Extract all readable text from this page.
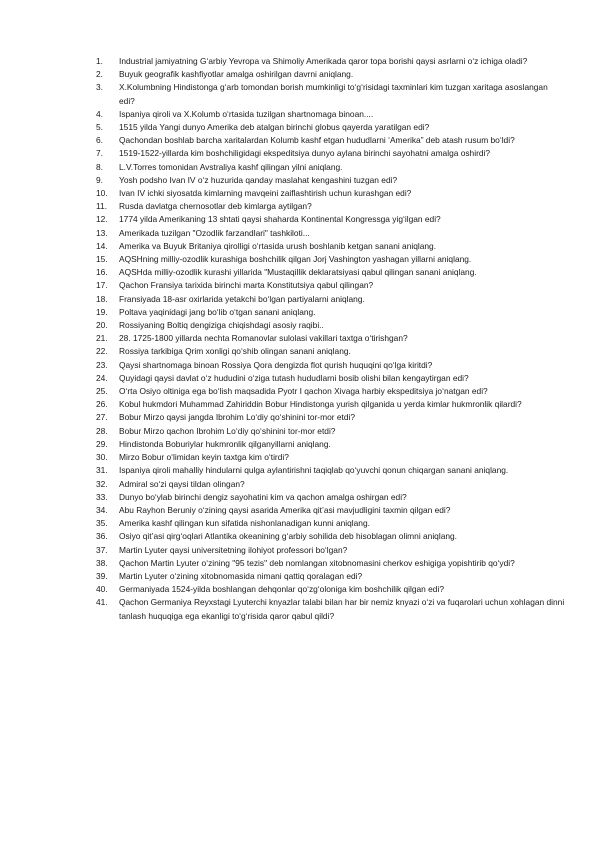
1.	Industrial jamiyatning G‘arbiy Yevropa va Shimoliy Amerikada qaror topa borishi qaysi asrlarni o‘z ichiga oladi?
2.	Buyuk geografik kashfiyotlar amalga oshirilgan davrni aniqlang.
3.	X.Kolumbning Hindistonga g‘arb tomondan borish mumkinligi to‘g‘risidagi taxminlari kim tuzgan xaritaga asoslangan edi?
4.	Ispaniya qiroli va X.Kolumb o‘rtasida tuzilgan shartnomaga binoan....
5.	1515 yilda Yangi dunyo Amerika deb atalgan birinchi globus qayerda yaratilgan edi?
6.	Qachondan boshlab barcha xaritalardan Kolumb kashf etgan hududlarni ‘Amerika” deb atash rusum bo‘ldi?
7.	1519-1522-yillarda kim boshchiligidagi ekspeditsiya dunyo aylana birinchi sayohatni amalga oshirdi?
8.	L.V.Torres tomonidan Avstraliya kashf qilingan yilni aniqlang.
9.	Yosh podsho Ivan IV o‘z huzurida qanday maslahat kengashini tuzgan edi?
10.	Ivan IV ichki siyosatda kimlarning mavqeini zaiflashtirish uchun kurashgan edi?
11.	Rusda davlatga chernosotlar deb kimlarga aytilgan?
12.	1774 yilda Amerikaning 13 shtati qaysi shaharda Kontinental Kongressga yig‘ilgan edi?
13.	Amerikada tuzilgan "Ozodlik farzandlari" tashkiloti...
14.	Amerika va Buyuk Britaniya qirolligi o‘rtasida urush boshlanib ketgan sanani aniqlang.
15.	AQSHning milliy-ozodlik kurashiga boshchilik qilgan Jorj Vashington yashagan yillarni aniqlang.
16.	AQSHda milliy-ozodlik kurashi yillarida "Mustaqillik deklaratsiyasi qabul qilingan sanani aniqlang.
17.	Qachon Fransiya tarixida birinchi marta Konstitutsiya qabul qilingan?
18.	Fransiyada 18-asr oxirlarida yetakchi bo‘lgan partiyalarni aniqlang.
19.	Poltava yaqinidagi jang bo‘lib o‘tgan sanani aniqlang.
20.	Rossiyaning Boltiq dengiziga chiqishdagi asosiy raqibi..
21.	28. 1725-1800 yillarda nechta Romanovlar sulolasi vakillari taxtga o‘tirishgan?
22.	Rossiya tarkibiga Qrim xonligi qo‘shib olingan sanani aniqlang.
23.	Qaysi shartnomaga binoan Rossiya Qora dengizda flot qurish huquqini qo‘lga kiritdi?
24.	Quyidagi qaysi davlat o‘z hududini o‘ziga tutash hududlarni bosib olishi bilan kengaytirgan edi?
25.	O‘rta Osiyo oltiniga ega bo‘lish maqsadida Pyotr I qachon Xivaga harbiy ekspeditsiya jo‘natgan edi?
26.	Kobul hukmdori Muhammad Zahiriddin Bobur Hindistonga yurish qilganida u yerda kimlar hukmronlik qilardi?
27.	Bobur Mirzo qaysi jangda Ibrohim Lo‘diy qo‘shinini tor-mor etdi?
28.	Bobur Mirzo qachon Ibrohim Lo‘diy qo‘shinini tor-mor etdi?
29.	Hindistonda Boburiylar hukmronlik qilganyillarni aniqlang.
30.	Mirzo Bobur o‘limidan keyin taxtga kim o‘tirdi?
31.	Ispaniya qiroli mahalliy hindularni qulga aylantirishni taqiqlab qo‘yuvchi qonun chiqargan sanani aniqlang.
32.	Admiral so‘zi qaysi tildan olingan?
33.	Dunyo bo‘ylab birinchi dengiz sayohatini kim va qachon amalga oshirgan edi?
34.	Abu Rayhon Beruniy o‘zining qaysi asarida Amerika qit’asi mavjudligini taxmin qilgan edi?
35.	Amerika kashf qilingan kun sifatida nishonlanadigan kunni aniqlang.
36.	Osiyo qit’asi qirg‘oqlari Atlantika okeanining g‘arbiy sohilida deb hisoblagan olimni aniqlang.
37.	Martin Lyuter qaysi universitetning ilohiyot professori bo‘lgan?
38.	Qachon Martin Lyuter o‘zining "95 tezis" deb nomlangan xitobnomasini cherkov eshigiga yopishtirib qo‘ydi?
39.	Martin Lyuter o‘zining xitobnomasida nimani qattiq qoralagan edi?
40.	Germaniyada 1524-yilda boshlangan dehqonlar qo‘zg‘oloniga kim boshchilik qilgan edi?
41.	Qachon Germaniya Reyxstagi Lyuterchi knyazlar talabi bilan har bir nemiz knyazi o‘zi va fuqarolari uchun xohlagan dinni tanlash huquqiga ega ekanligi to‘g‘risida qaror qabul qildi?
